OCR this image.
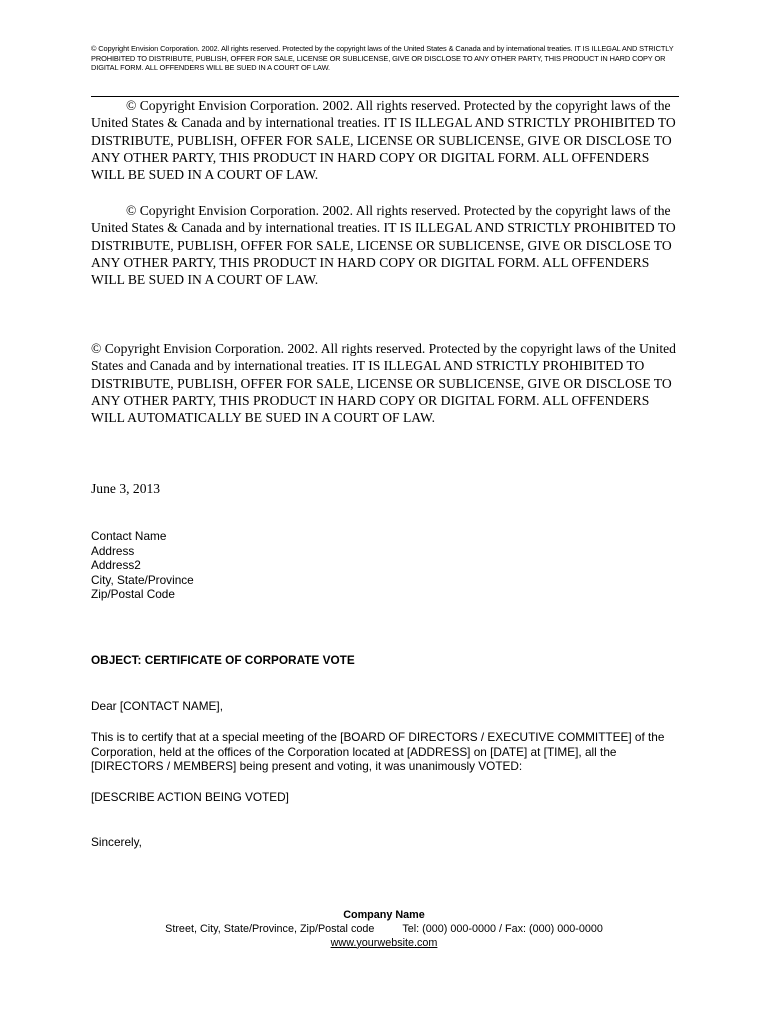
© Copyright Envision Corporation. 2002. All rights reserved. Protected by the copyright laws of the United States & Canada and by international treaties. IT IS ILLEGAL AND STRICTLY PROHIBITED TO DISTRIBUTE, PUBLISH, OFFER FOR SALE, LICENSE OR SUBLICENSE, GIVE OR DISCLOSE TO ANY OTHER PARTY, THIS PRODUCT IN HARD COPY OR DIGITAL FORM. ALL OFFENDERS WILL BE SUED IN A COURT OF LAW.
© Copyright Envision Corporation. 2002. All rights reserved. Protected by the copyright laws of the United States & Canada and by international treaties. IT IS ILLEGAL AND STRICTLY PROHIBITED TO DISTRIBUTE, PUBLISH, OFFER FOR SALE, LICENSE OR SUBLICENSE, GIVE OR DISCLOSE TO ANY OTHER PARTY, THIS PRODUCT IN HARD COPY OR DIGITAL FORM. ALL OFFENDERS WILL BE SUED IN A COURT OF LAW.
© Copyright Envision Corporation. 2002. All rights reserved. Protected by the copyright laws of the United States & Canada and by international treaties. IT IS ILLEGAL AND STRICTLY PROHIBITED TO DISTRIBUTE, PUBLISH, OFFER FOR SALE, LICENSE OR SUBLICENSE, GIVE OR DISCLOSE TO ANY OTHER PARTY, THIS PRODUCT IN HARD COPY OR DIGITAL FORM. ALL OFFENDERS WILL BE SUED IN A COURT OF LAW.
© Copyright Envision Corporation. 2002. All rights reserved. Protected by the copyright laws of the United States and Canada and by international treaties. IT IS ILLEGAL AND STRICTLY PROHIBITED TO DISTRIBUTE, PUBLISH, OFFER FOR SALE, LICENSE OR SUBLICENSE, GIVE OR DISCLOSE TO ANY OTHER PARTY, THIS PRODUCT IN HARD COPY OR DIGITAL FORM. ALL OFFENDERS WILL AUTOMATICALLY BE SUED IN A COURT OF LAW.
June 3, 2013
Contact Name
Address
Address2
City, State/Province
Zip/Postal Code
OBJECT: CERTIFICATE OF CORPORATE VOTE
Dear [CONTACT NAME],
This is to certify that at a special meeting of the [BOARD OF DIRECTORS / EXECUTIVE COMMITTEE] of the Corporation, held at the offices of the Corporation located at [ADDRESS] on [DATE] at [TIME], all the [DIRECTORS / MEMBERS] being present and voting, it was unanimously VOTED:
[DESCRIBE ACTION BEING VOTED]
Sincerely,
Company Name
Street, City, State/Province, Zip/Postal code	Tel: (000) 000-0000 / Fax: (000) 000-0000
www.yourwebsite.com
